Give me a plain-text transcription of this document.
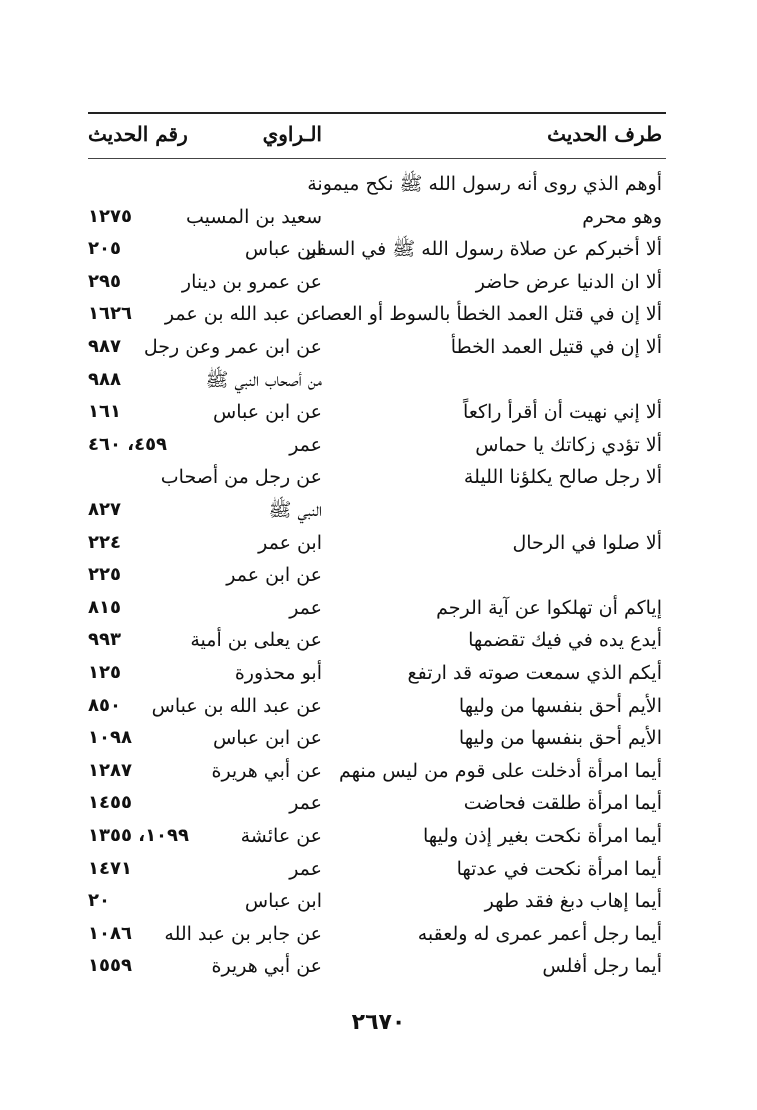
طرف الحديث
الـراوي
رقم الحديث
أوهم الذي روى أنه رسول الله ﷺ نكح ميمونة
وهو محرم
سعيد بن المسيب
١٢٧٥
ألا أخبركم عن صلاة رسول الله ﷺ في السفر
ابن عباس
٢٠٥
ألا ان الدنيا عرض حاضر
عن عمرو بن دينار
٢٩٥
ألا إن في قتل العمد الخطأ بالسوط أو العصا
عن عبد الله بن عمر
١٦٢٦
ألا إن في قتيل العمد الخطأ
عن ابن عمر وعن رجل
٩٨٧
من أصحاب النبي ﷺ
٩٨٨
ألا إني نهيت أن أقرأ راكعاً
عن ابن عباس
١٦١
ألا تؤدي زكاتك يا حماس
عمر
٤٥٩، ٤٦٠
ألا رجل صالح يكلؤنا الليلة
عن رجل من أصحاب
النبي ﷺ
٨٢٧
ألا صلوا في الرحال
ابن عمر
٢٢٤
عن ابن عمر
٢٢٥
إياكم أن تهلكوا عن آية الرجم
عمر
٨١٥
أيدع يده في فيك تقضمها
عن يعلى بن أمية
٩٩٣
أيكم الذي سمعت صوته قد ارتفع
أبو محذورة
١٢٥
الأيم أحق بنفسها من وليها
عن عبد الله بن عباس
٨٥٠
الأيم أحق بنفسها من وليها
عن ابن عباس
١٠٩٨
أيما امرأة أدخلت على قوم من ليس منهم
عن أبي هريرة
١٢٨٧
أيما امرأة طلقت فحاضت
عمر
١٤٥٥
أيما امرأة نكحت بغير إذن وليها
عن عائشة
١٠٩٩، ١٣٥٥
أيما امرأة نكحت في عدتها
عمر
١٤٧١
أيما إهاب دبغ فقد طهر
ابن عباس
٢٠
أيما رجل أعمر عمرى له ولعقبه
عن جابر بن عبد الله
١٠٨٦
أيما رجل أفلس
عن أبي هريرة
١٥٥٩
٢٦٧٠
